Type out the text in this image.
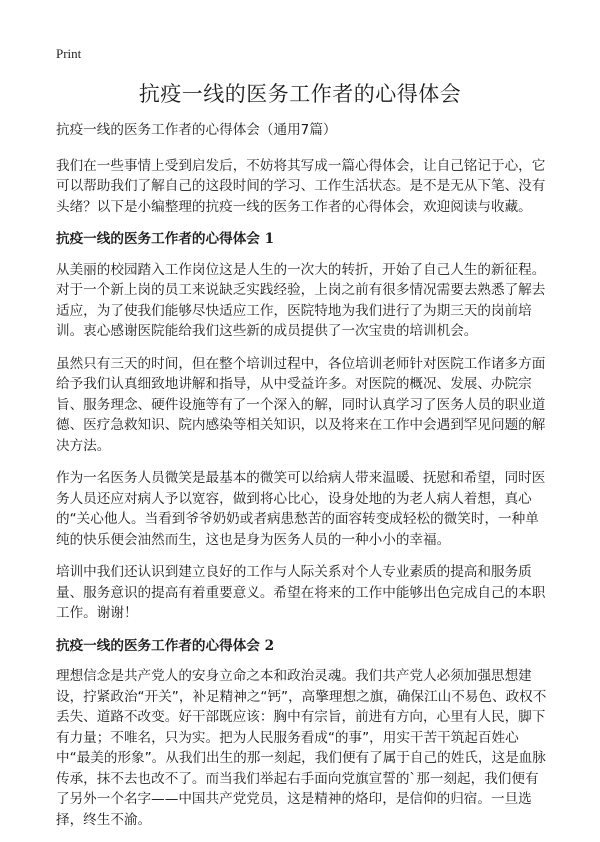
Print
抗疫一线的医务工作者的心得体会

抗疫一线的医务工作者的心得体会（通用7篇）

我们在一些事情上受到启发后，不妨将其写成一篇心得体会，让自己铭记于心，它可以帮助我们了解自己的这段时间的学习、工作生活状态。是不是无从下笔、没有头绪？以下是小编整理的抗疫一线的医务工作者的心得体会，欢迎阅读与收藏。

抗疫一线的医务工作者的心得体会 1

从美丽的校园踏入工作岗位这是人生的一次大的转折，开始了自己人生的新征程。对于一个新上岗的员工来说缺乏实践经验，上岗之前有很多情况需要去熟悉了解去适应，为了使我们能够尽快适应工作，医院特地为我们进行了为期三天的岗前培训。衷心感谢医院能给我们这些新的成员提供了一次宝贵的培训机会。

虽然只有三天的时间，但在整个培训过程中，各位培训老师针对医院工作诸多方面给予我们认真细致地讲解和指导，从中受益许多。对医院的概况、发展、办院宗旨、服务理念、硬件设施等有了一个深入的解，同时认真学习了医务人员的职业道德、医疗急救知识、院内感染等相关知识，以及将来在工作中会遇到罕见问题的解决方法。

作为一名医务人员微笑是最基本的微笑可以给病人带来温暖、抚慰和希望，同时医务人员还应对病人予以宽容，做到将心比心，设身处地的为老人病人着想，真心的“关心他人。当看到爷爷奶奶或者病患愁苦的面容转变成轻松的微笑时，一种单纯的快乐便会油然而生，这也是身为医务人员的一种小小的幸福。

培训中我们还认识到建立良好的工作与人际关系对个人专业素质的提高和服务质量、服务意识的提高有着重要意义。希望在将来的工作中能够出色完成自己的本职工作。谢谢！

抗疫一线的医务工作者的心得体会 2

理想信念是共产党人的安身立命之本和政治灵魂。我们共产党人必须加强思想建设，拧紧政治“开关”，补足精神之“钙”，高擎理想之旗，确保江山不易色、政权不丢失、道路不改变。好干部既应该：胸中有宗旨，前进有方向，心里有人民，脚下有力量；不唯名，只为实。把为人民服务看成“的事”，用实干苦干筑起百姓心中“最美的形象”。从我们出生的那一刻起，我们便有了属于自己的姓氏，这是血脉传承，抹不去也改不了。而当我们举起右手面向党旗宣誓的`那一刻起，我们便有了另外一个名字——中国共产党党员，这是精神的烙印，是信仰的归宿。一旦选择，终生不渝。
